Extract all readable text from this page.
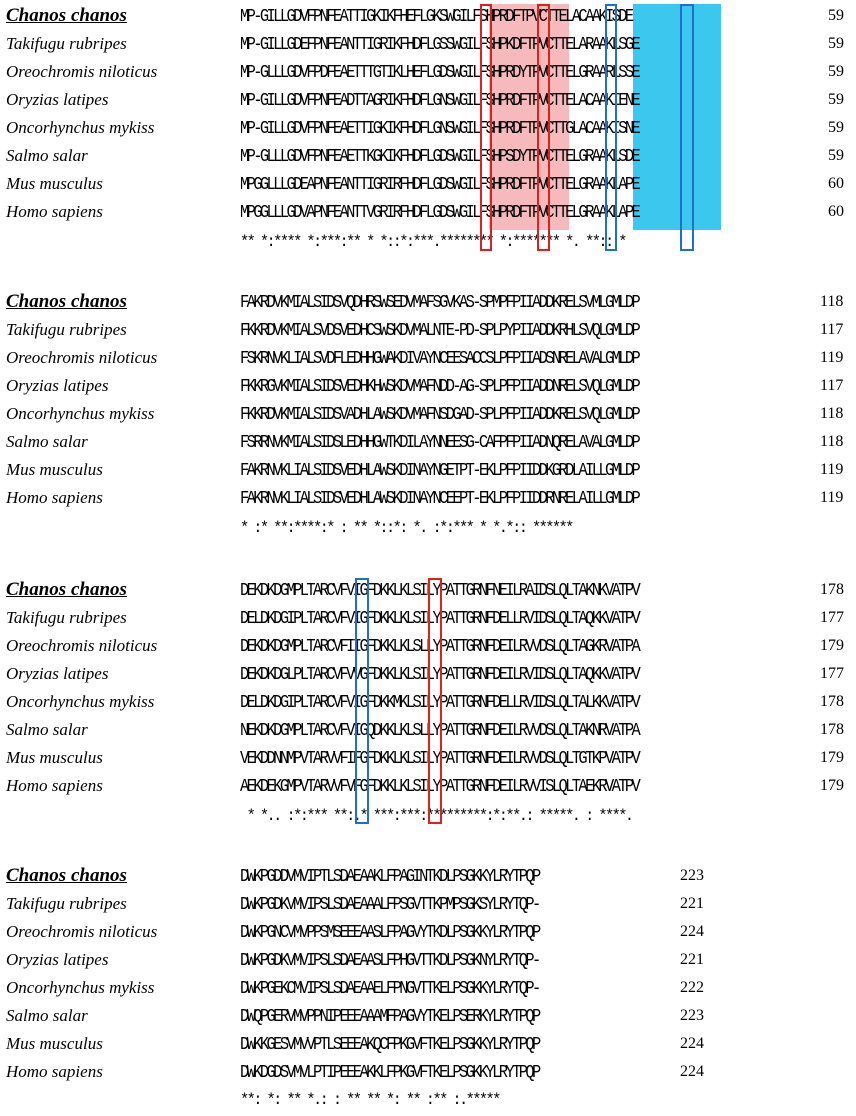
Chanos chanos	MP-GILLGDVFPNFEATTIGKIKFHEFLGKSWGILFSHPRDFTPVCTTELACAAKISDE	59
Takifugu rubripes	MP-GILLGDEFPNFEANTTIGRIKFHDFLGSSWGILFSHPKDFTPVCTTELARAAKLSGE	59
Oreochromis niloticus	MP-GLLLGDVFPDFEAETTTGTIKLHEFLGDSWGILFSHPRDYTPVCTTELGRAARLSSE	59
Oryzias latipes	MP-GILLGDVFPNFEADTTAGRIKFHDFLGNSWGILFSHPRDFTPVCTTELACAAKIENE	59
Oncorhynchus mykiss	MP-GILLGDVFPNFEAETTIGKIKFHDFLGNSWGILFSHPRDFTPVCTTGLACAAKISNE	59
Salmo salar	MP-GLLLGDVFPNFEAETTKGKIKFHDFLGDSWGILFSHPSDYTPVCTTELGRAAKLSDE	59
Mus musculus	MPGGLLLGDEAPNFEANTTIGRIRFHDFLGDSWGILFSHPRDFTPVCTTELGRAAKLAPE	60
Homo sapiens	MPGGLLLGDVAPNFEANTTVGRIRFHDFLGDSWGILFSHPRDFTPVCTTELGRAAKLAPE	60
** *:**** *:***:** * *::*:***.******** *:******* *. **:: *
Chanos chanos	FAKRDVKMIALSIDSVQDHRSWSEDVMAFSGVKAS-SPMPFPIIADDKRELSVMLGMLDP	118
Takifugu rubripes	FKKRDVKMIALSVDSVEDHCSWSKDVMALNTE-PD-SPLPYPIIADDKRHLSVQLGMLDP	117
Oreochromis niloticus	FSKRNVKLIALSVDFLEDHHGWAKDIVAYNCEESACCSLPFPIIADSNRELAVALGMLDP	119
Oryzias latipes	FKKRGVKMIALSIDSVEDHKHWSKDVMAFNDD-AG-SPLPFPIIADDNRELSVQLGMLDP	117
Oncorhynchus mykiss	FKKRDVKMIALSIDSVADHLAWSKDVMAFNSDGAD-SPLPFPIIADDKRELSVQLGMLDP	118
Salmo salar	FSRRNVKMIALSIDSLEDHHGWTKDILAYNNEESG-CAFPFPIIADNQRELAVALGMLDP	118
Mus musculus	FAKRNVKLIALSIDSVEDHLAWSKDINAYNGETPT-EKLPFPIIDDKGRDLAILLGMLDP	119
Homo sapiens	FAKRNVKLIALSIDSVEDHLAWSKDINAYNCEEPT-EKLPFPIIDDRNRELAILLGMLDP	119
* :* **:****:* : ** *::*: *. :*:*** * *.*:: ******
Chanos chanos	DEKDKDGMPLTARCVFVIGFDKKLKLSILYPATTGRNFNEILRAIDSLQLTAKNKVATPV	178
Takifugu rubripes	DELDKDGIPLTARCVFVIGFDKKLKLSILYPATTGRNFDELLRVIDSLQLTAQKKVATPV	177
Oreochromis niloticus	DEKDKDGMPLTARCVFIIGFDKKLKLSLLYPATTGRNFDEILRVVDSLQLTAGKRVATPA	179
Oryzias latipes	DEKDKDGLPLTARCVFVVGFDKKLKLSILYPATTGRNFDEILRVIDSLQLTAQKKVATPV	177
Oncorhynchus mykiss	DELDKDGIPLTARCVFVIGFDKKMKLSILYPATTGRNFDELLRVIDSLQLTALKKVATPV	178
Salmo salar	NEKDKDGMPLTARCVFVIGQDKKLKLSLLYPATTGRNFDEILRVVDSLQLTAKNRVATPA	178
Mus musculus	VEKDDNNMPVTARVVFIFGFDKKLKLSILYPATTGRNFDEILRVVDSLQLTGTKPVATPV	179
Homo sapiens	AEKDEKGMPVTARVVFVFGFDKKLKLSILYPATTGRNFDEILRVVISLQLTAEKRVATPV	179
* *.. :*:*** **:.* ***:***:*********:*:**.: *****. : ****.
Chanos chanos	DWKPGDDVMVIPTLSDAEAAKLFPAGINTKDLPSGKKYLRYTPQP	223
Takifugu rubripes	DWKPGDKVMVIPSLSDAEAAALFPSGVTTKPMPSGKSYLRYTQP-	221
Oreochromis niloticus	DWKPGNCVMVPPSMSEEEAASLFPAGVYTKDLPSGKKYLRYTPQP	224
Oryzias latipes	DWKPGDKVMVIPSLSDAEAASLFPHGVTTKDLPSGKNYLRYTQP-	221
Oncorhynchus mykiss	DWKPGEKCMVIPSLSDAEAAELFPNGVTTKELPSGKKYLRYTQP-	222
Salmo salar	DWQPGERVMVPPNIPEEEAAAMFPAGVYTKELPSERKYLRYTPQP	223
Mus musculus	DWKKGESVMVVPTLSEEEAKQCFPKGVFTKELPSGKKYLRYTPQP	224
Homo sapiens	DWKDGDSVMVLPTIPEEEAKKLFPKGVFTKELPSGKKYLRYTPQP	224
**: *: ** *.: : ** ** *: ** :** :.*****
